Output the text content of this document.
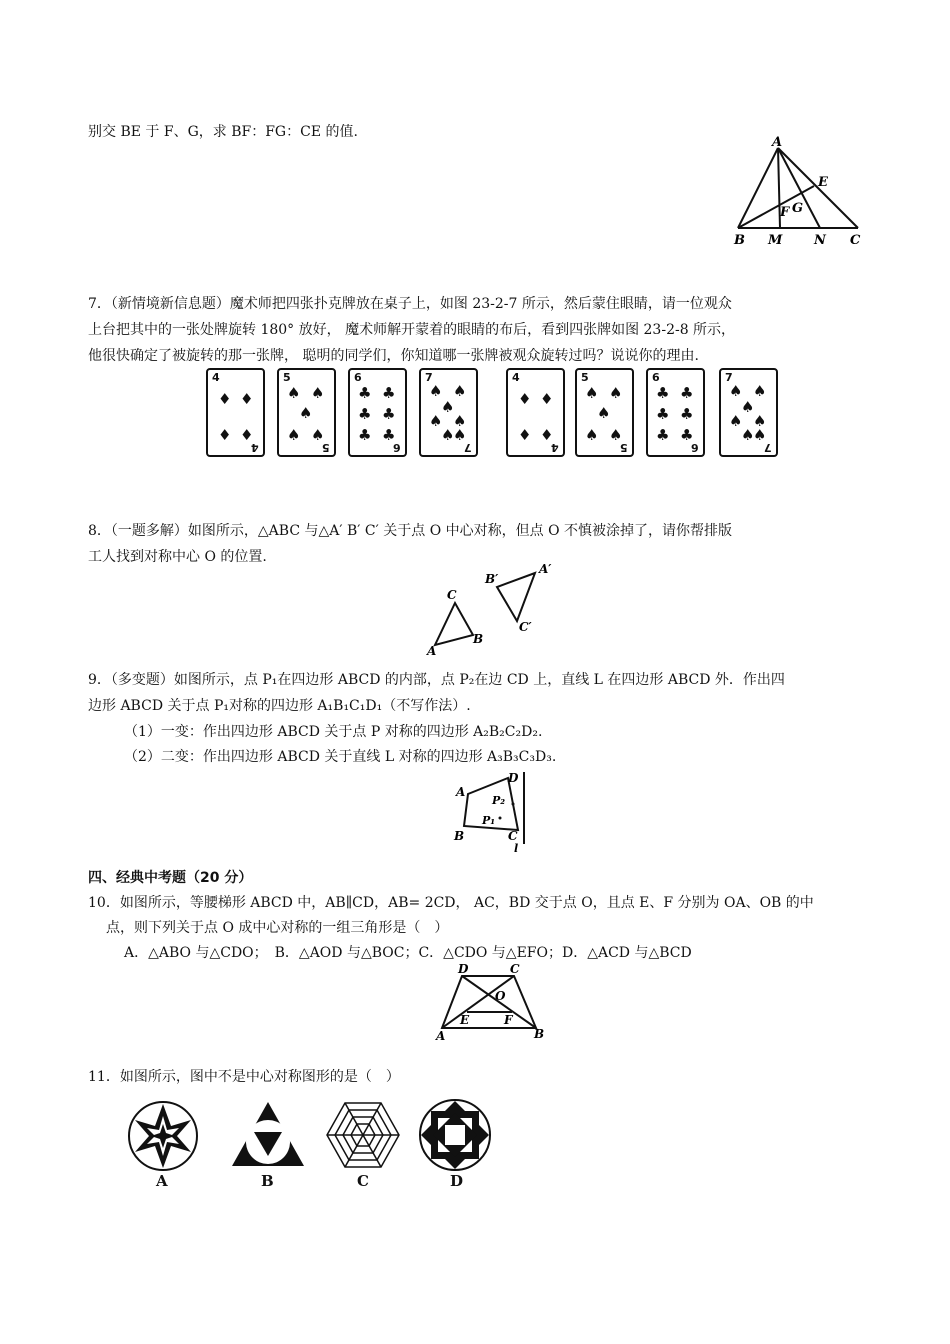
别交 BE 于 F、G，求 BF：FG：CE 的值.
A
E
F G
B M N C
7．（新情境新信息题）魔术师把四张扑克牌放在桌子上，如图 23-2-7 所示，然后蒙住眼睛，请一位观众
上台把其中的一张处牌旋转 180° 放好， 魔术师解开蒙着的眼睛的布后，看到四张牌如图 23-2-8 所示，
他很快确定了被旋转的那一张牌， 聪明的同学们，你知道哪一张牌被观众旋转过吗？说说你的理由.
4
4
♦ ♦
♦ ♦
5
5
♠ ♠
♠
♠ ♠
6
6
♣ ♣
♣ ♣
♣ ♣
7
7
♠ ♠
♠
♠ ♠
♠
♠
4
4
♦ ♦
♦ ♦
5
5
♠ ♠
♠
♠ ♠
6
6
♣ ♣
♣ ♣
♣ ♣
7
7
♠ ♠
♠
♠ ♠
♠
♠
8．（一题多解）如图所示，△ABC 与△A′ B′ C′ 关于点 O 中心对称，但点 O 不慎被涂掉了，请你帮排版
工人找到对称中心 O 的位置.
C
A
B
B′
A′
C′
9．（多变题）如图所示，点 P₁在四边形 ABCD 的内部，点 P₂在边 CD 上，直线 L 在四边形 ABCD 外．作出四
边形 ABCD 关于点 P₁对称的四边形 A₁B₁C₁D₁（不写作法）.
（1）一变：作出四边形 ABCD 关于点 P 对称的四边形 A₂B₂C₂D₂.
（2）二变：作出四边形 ABCD 关于直线 L 对称的四边形 A₃B₃C₃D₃.
A
D
P₂
P₁
B	C
l
四、经典中考题（20 分）
10．如图所示，等腰梯形 ABCD 中，AB∥CD，AB= 2CD， AC，BD 交于点 O，且点 E、F 分别为 OA、OB 的中
点，则下列关于点 O 成中心对称的一组三角形是（　）
A．△ABO 与△CDO；　B．△AOD 与△BOC；C．△CDO 与△EFO；D．△ACD 与△BCD
D	C
O
E	F
A	B
11．如图所示，图中不是中心对称图形的是（　）
A	B	C	D
